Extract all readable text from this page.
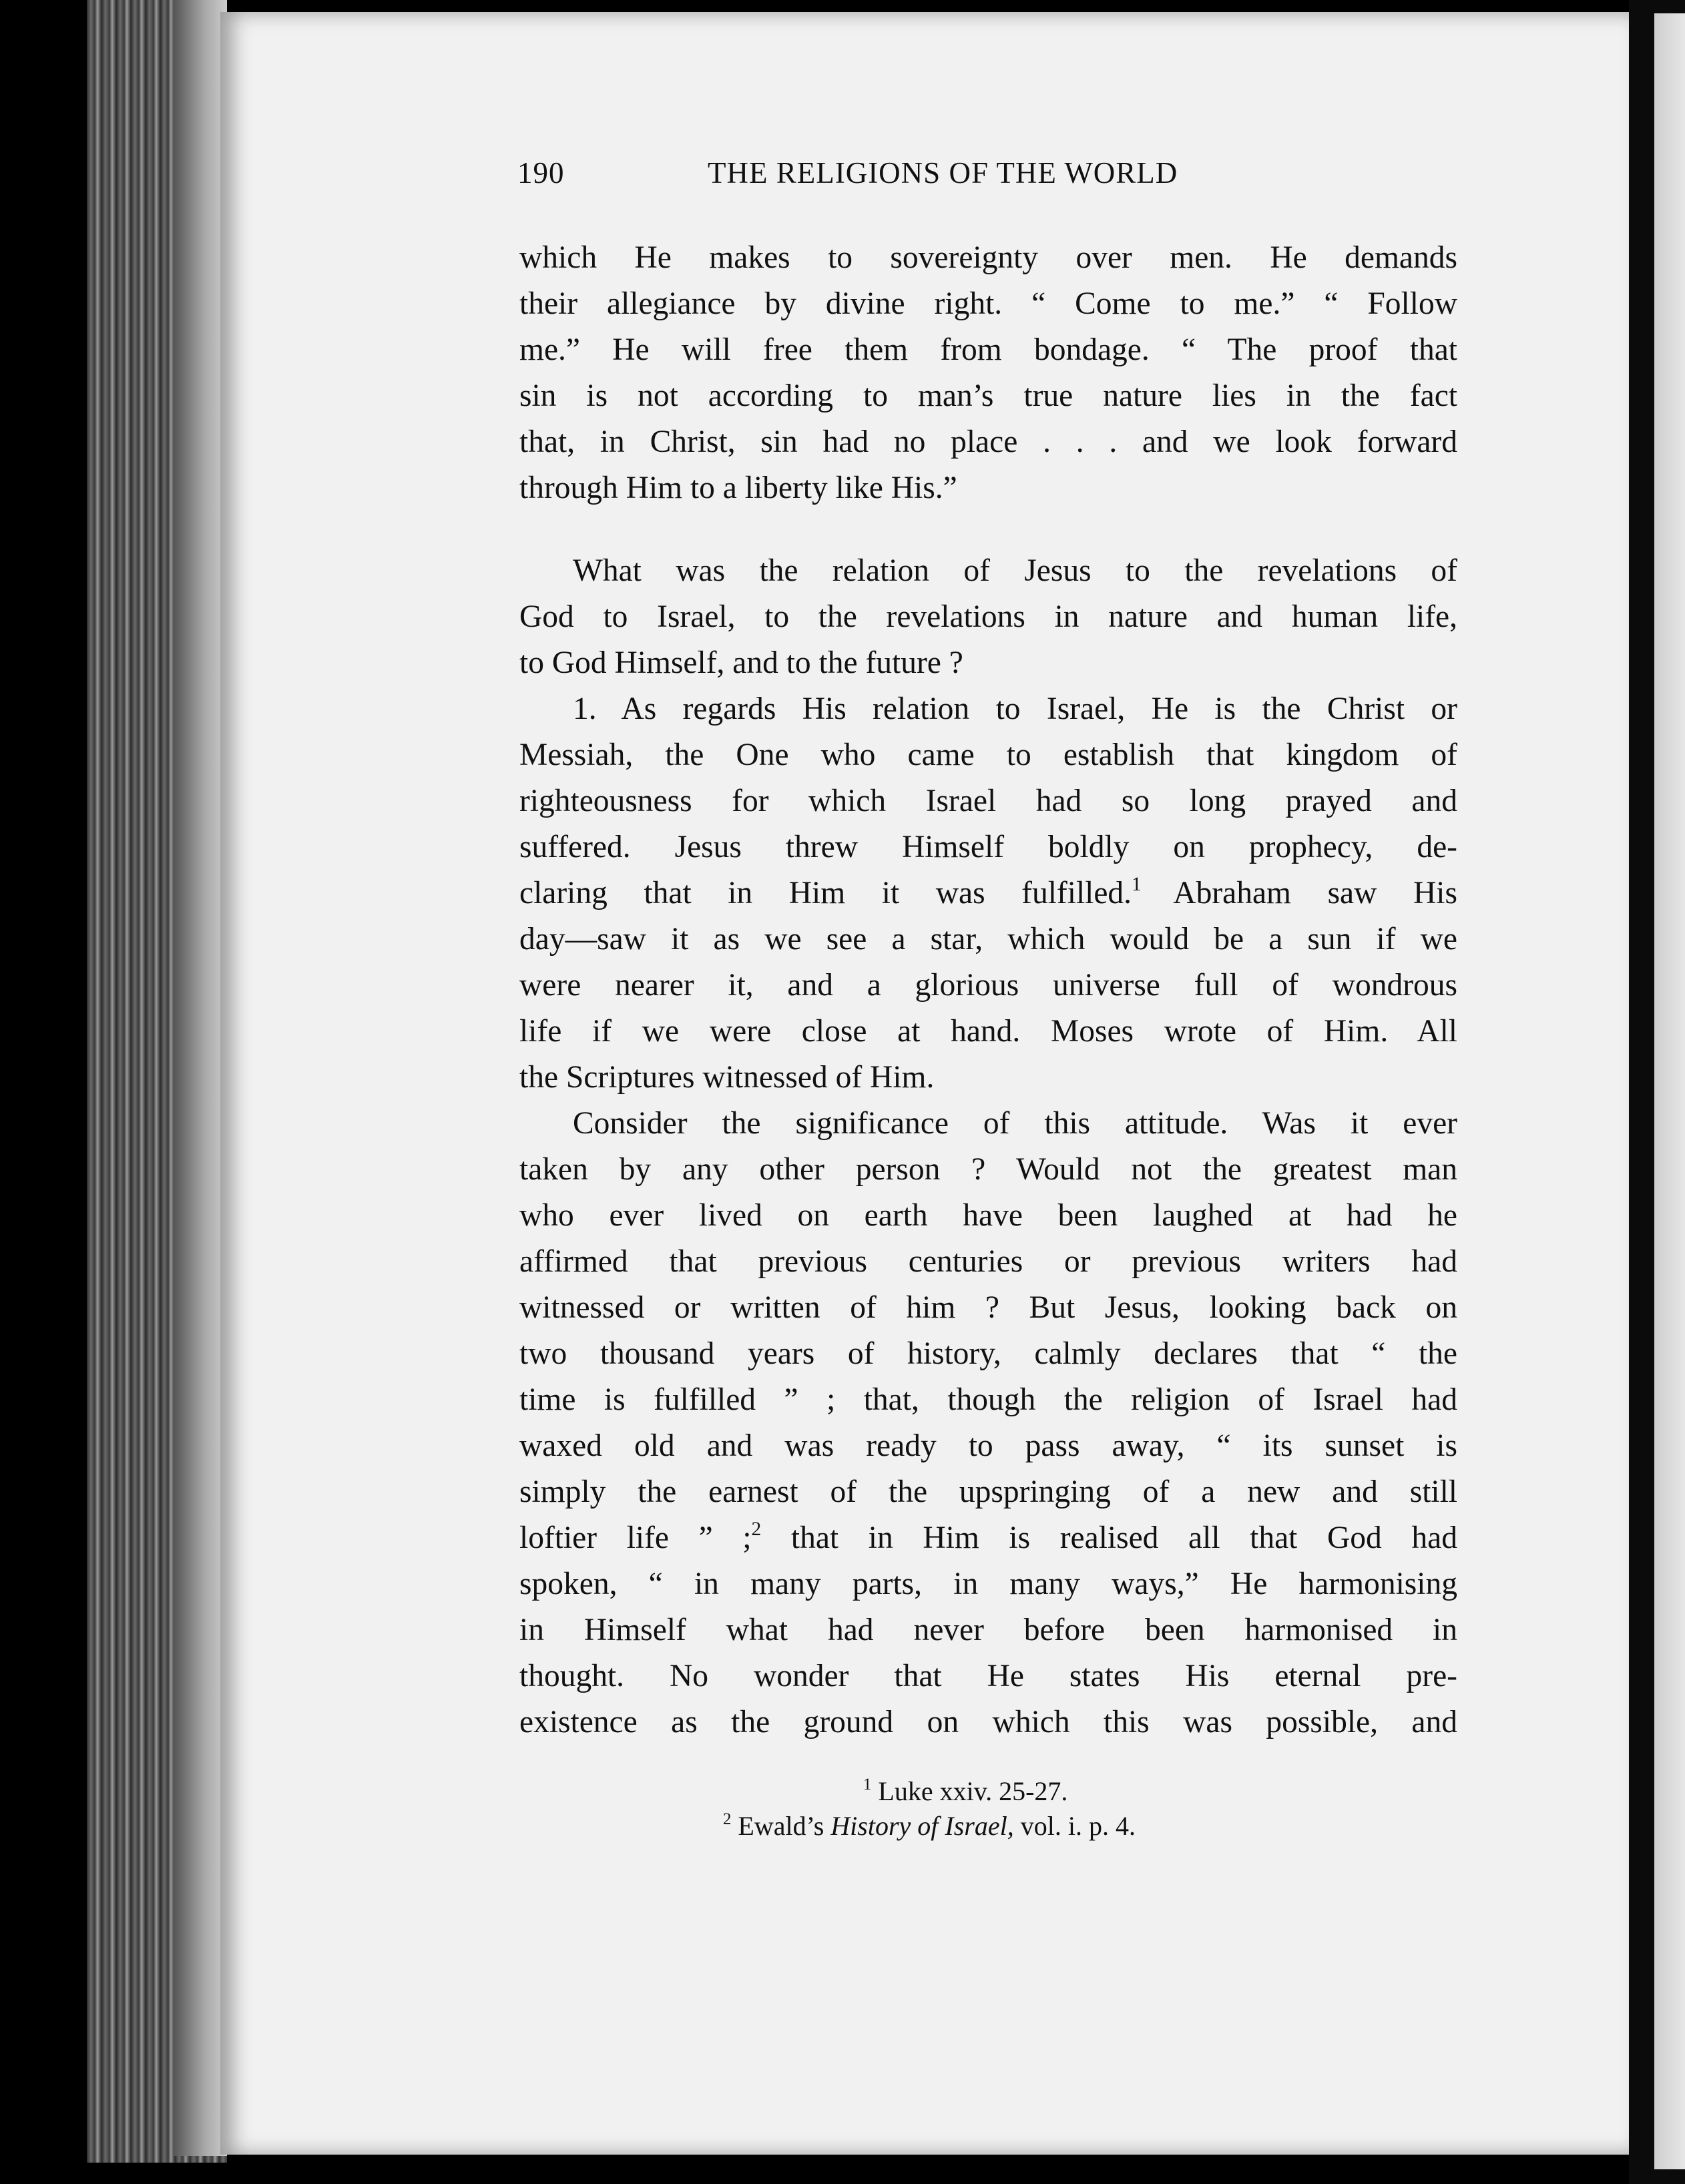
190	THE RELIGIONS OF THE WORLD
which He makes to sovereignty over men. He demands
their allegiance by divine right. “ Come to me.” “ Follow
me.” He will free them from bondage. “ The proof that
sin is not according to man’s true nature lies in the fact
that, in Christ, sin had no place . . . and we look forward
through Him to a liberty like His.”
What was the relation of Jesus to the revelations of
God to Israel, to the revelations in nature and human life,
to God Himself, and to the future ?
1. As regards His relation to Israel, He is the Christ or
Messiah, the One who came to establish that kingdom of
righteousness for which Israel had so long prayed and
suffered. Jesus threw Himself boldly on prophecy, de-
claring that in Him it was fulfilled.$^1$  Abraham saw His
day—saw it as we see a star, which would be a sun if we
were nearer it, and a glorious universe full of wondrous
life if we were close at hand. Moses wrote of Him. All
the Scriptures witnessed of Him.
Consider the significance of this attitude. Was it ever
taken by any other person ? Would not the greatest man
who ever lived on earth have been laughed at had he
affirmed that previous centuries or previous writers had
witnessed or written of him ? But Jesus, looking back on
two thousand years of history, calmly declares that “ the
time is fulfilled ” ; that, though the religion of Israel had
waxed old and was ready to pass away, “ its sunset is
simply the earnest of the upspringing of a new and still
loftier life ” ;$^2$ that in Him is realised all that God had
spoken, “ in many parts, in many ways,” He harmonising
in Himself what had never before been harmonised in
thought. No wonder that He states His eternal pre-
existence as the ground on which this was possible, and
$^1$ Luke xxiv. 25-27.
$^2$ Ewald’s History of Israel, vol. i. p. 4.
